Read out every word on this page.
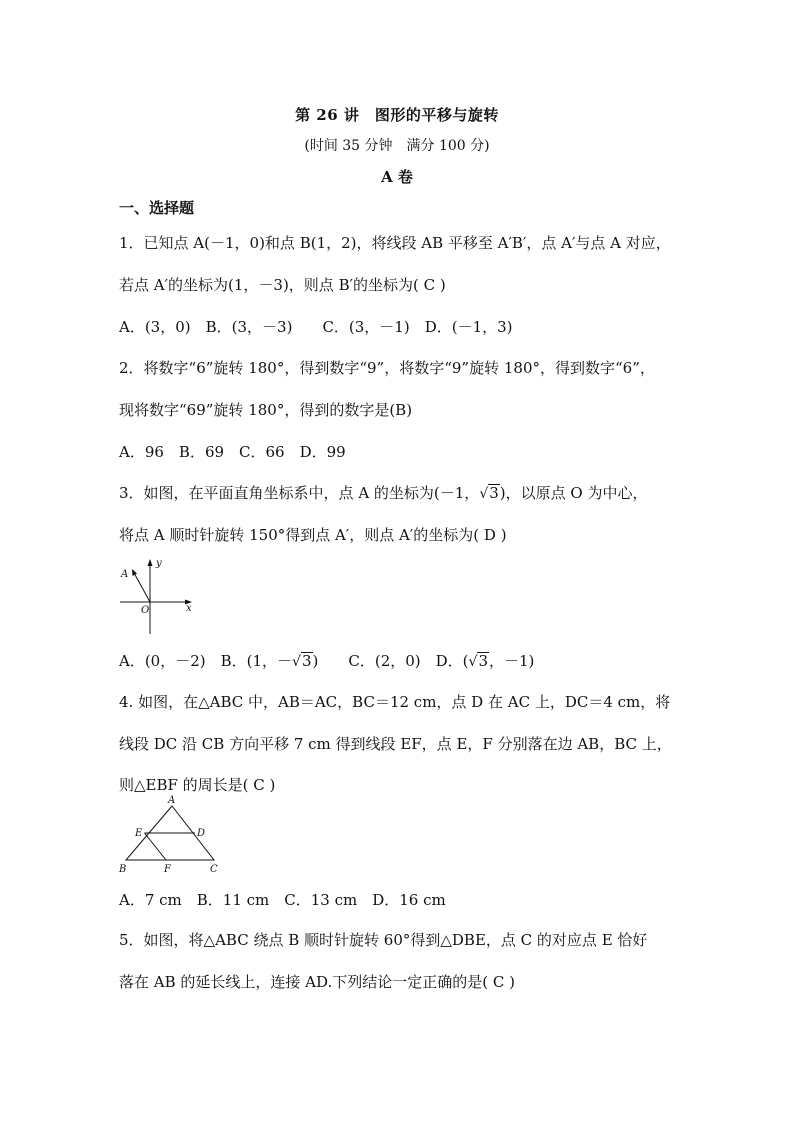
第 26 讲　图形的平移与旋转
(时间 35 分钟　满分 100 分)
A 卷
一、选择题
1．已知点 A(－1，0)和点 B(1，2)，将线段 AB 平移至 A′B′，点 A′与点 A 对应，
若点 A′的坐标为(1，－3)，则点 B′的坐标为( C )
A．(3，0)　B．(3，－3)　　C．(3，－1)　D．(－1，3)
2．将数字“6”旋转 180°，得到数字“9”，将数字“9”旋转 180°，得到数字“6”，
现将数字“69”旋转 180°，得到的数字是(B)
A．96　B．69　C．66　D．99
3．如图，在平面直角坐标系中，点 A 的坐标为(－1，√3)，以原点 O 为中心，
将点 A 顺时针旋转 150°得到点 A′，则点 A′的坐标为( D )
A
y
O	x
A．(0，－2)　B．(1，－√3)　　C．(2，0)　D．(√3，－1)
4. 如图，在△ABC 中，AB＝AC，BC＝12 cm，点 D 在 AC 上，DC＝4 cm，将
线段 DC 沿 CB 方向平移 7 cm 得到线段 EF，点 E，F 分别落在边 AB，BC 上，
则△EBF 的周长是( C )
A
E	D
B	F	C
A．7 cm　B．11 cm　C．13 cm　D．16 cm
5．如图，将△ABC 绕点 B 顺时针旋转 60°得到△DBE，点 C 的对应点 E 恰好
落在 AB 的延长线上，连接 AD.下列结论一定正确的是( C )
